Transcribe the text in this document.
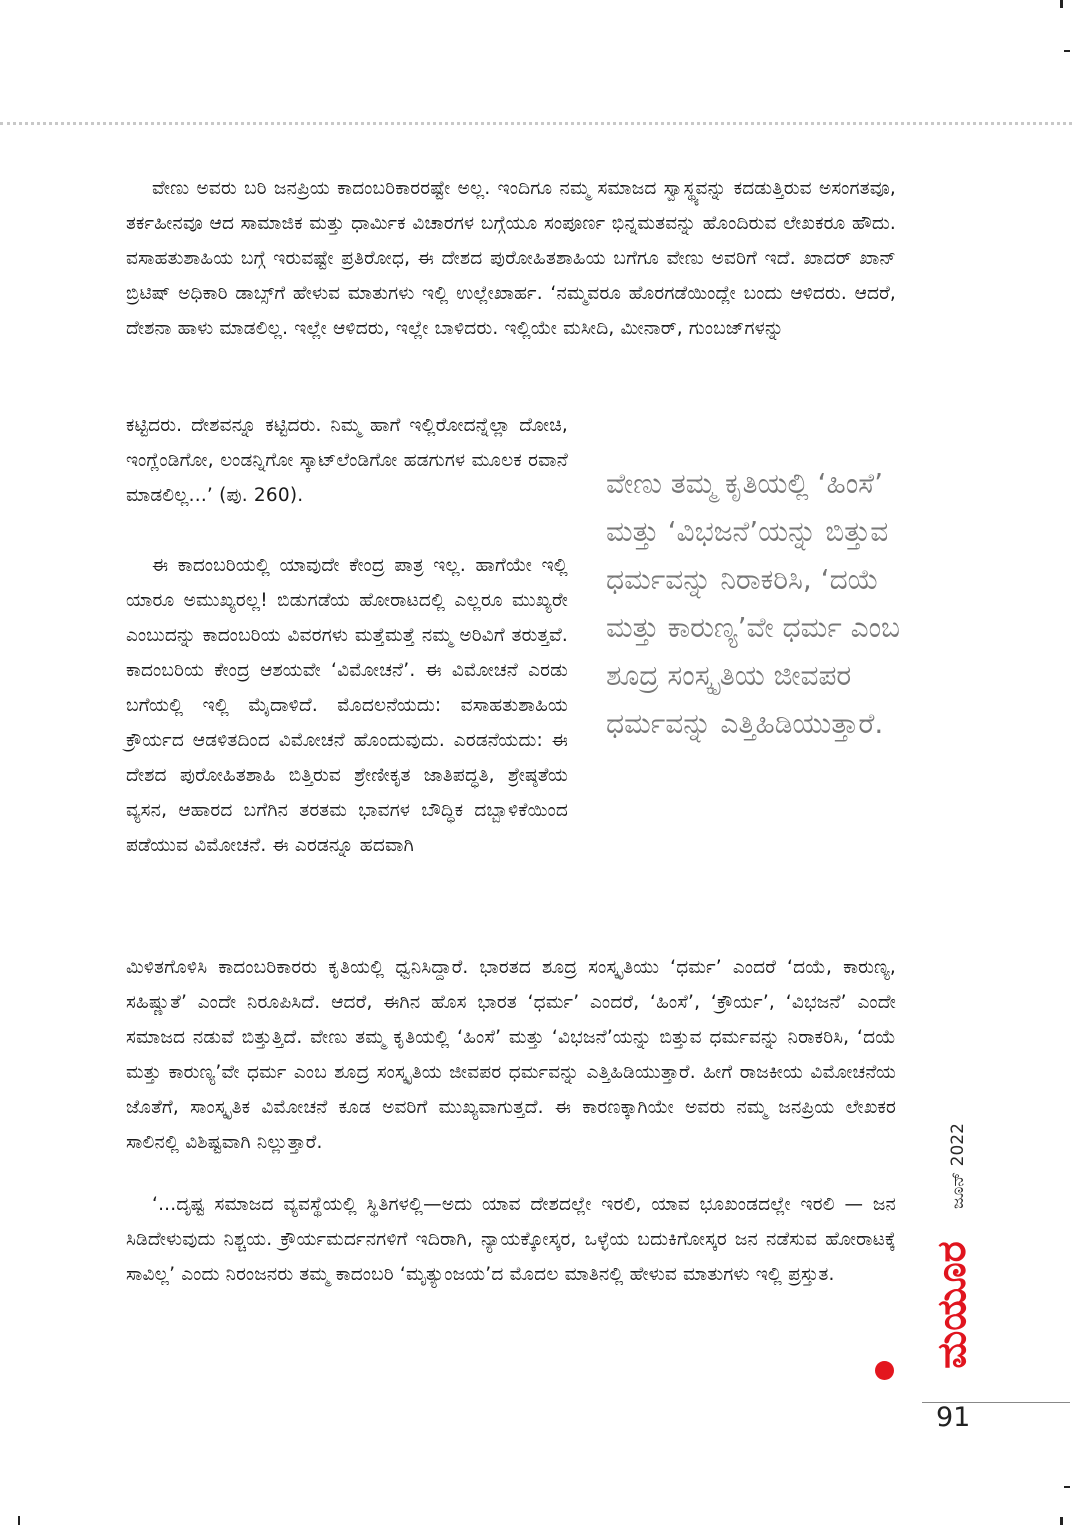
ವೇಣು ಅವರು ಬರಿ ಜನಪ್ರಿಯ ಕಾದಂಬರಿಕಾರರಷ್ಟೇ ಅಲ್ಲ. ಇಂದಿಗೂ ನಮ್ಮ ಸಮಾಜದ ಸ್ವಾಸ್ಥ್ಯವನ್ನು ಕದಡುತ್ತಿರುವ ಅಸಂಗತವೂ, ತರ್ಕಹೀನವೂ ಆದ ಸಾಮಾಜಿಕ ಮತ್ತು ಧಾರ್ಮಿಕ ವಿಚಾರಗಳ ಬಗ್ಗೆಯೂ ಸಂಪೂರ್ಣ ಭಿನ್ನಮತವನ್ನು ಹೊಂದಿರುವ ಲೇಖಕರೂ ಹೌದು. ವಸಾಹತುಶಾಹಿಯ ಬಗ್ಗೆ ಇರುವಷ್ಟೇ ಪ್ರತಿರೋಧ, ಈ ದೇಶದ ಪುರೋಹಿತಶಾಹಿಯ ಬಗೆಗೂ ವೇಣು ಅವರಿಗೆ ಇದೆ. ಖಾದರ್ ಖಾನ್ ಬ್ರಿಟಿಷ್ ಅಧಿಕಾರಿ ಡಾಬ್ಸ್‌ಗೆ ಹೇಳುವ ಮಾತುಗಳು ಇಲ್ಲಿ ಉಲ್ಲೇಖಾರ್ಹ. ‘ನಮ್ಮವರೂ ಹೊರಗಡೆಯಿಂದ್ಲೇ ಬಂದು ಆಳಿದರು. ಆದರೆ, ದೇಶನಾ ಹಾಳು ಮಾಡಲಿಲ್ಲ. ಇಲ್ಲೇ ಆಳಿದರು, ಇಲ್ಲೇ ಬಾಳಿದರು. ಇಲ್ಲಿಯೇ ಮಸೀದಿ, ಮೀನಾರ್, ಗುಂಬಜ್‌ಗಳನ್ನು

ಕಟ್ಟಿದರು. ದೇಶವನ್ನೂ ಕಟ್ಟಿದರು. ನಿಮ್ಮ ಹಾಗೆ ಇಲ್ಲಿರೋದನ್ನೆಲ್ಲಾ ದೋಚಿ, ಇಂಗ್ಲೆಂಡಿಗೋ, ಲಂಡನ್ನಿಗೋ ಸ್ಕಾಟ್‌ಲೆಂಡಿಗೋ ಹಡಗುಗಳ ಮೂಲಕ ರವಾನೆ ಮಾಡಲಿಲ್ಲ...’ (ಪು. 260).

ಈ ಕಾದಂಬರಿಯಲ್ಲಿ ಯಾವುದೇ ಕೇಂದ್ರ ಪಾತ್ರ ಇಲ್ಲ. ಹಾಗೆಯೇ ಇಲ್ಲಿ ಯಾರೂ ಅಮುಖ್ಯರಲ್ಲ! ಬಿಡುಗಡೆಯ ಹೋರಾಟದಲ್ಲಿ ಎಲ್ಲರೂ ಮುಖ್ಯರೇ ಎಂಬುದನ್ನು ಕಾದಂಬರಿಯ ವಿವರಗಳು ಮತ್ತೆಮತ್ತೆ ನಮ್ಮ ಅರಿವಿಗೆ ತರುತ್ತವೆ. ಕಾದಂಬರಿಯ ಕೇಂದ್ರ ಆಶಯವೇ ‘ವಿಮೋಚನೆ’. ಈ ವಿಮೋಚನೆ ಎರಡು ಬಗೆಯಲ್ಲಿ ಇಲ್ಲಿ ಮೈದಾಳಿದೆ. ಮೊದಲನೆಯದು: ವಸಾಹತುಶಾಹಿಯ ಕ್ರೌರ್ಯದ ಆಡಳಿತದಿಂದ ವಿಮೋಚನೆ ಹೊಂದುವುದು. ಎರಡನೆಯದು: ಈ ದೇಶದ ಪುರೋಹಿತಶಾಹಿ ಬಿತ್ತಿರುವ ಶ್ರೇಣೀಕೃತ ಜಾತಿಪದ್ಧತಿ, ಶ್ರೇಷ್ಠತೆಯ ವ್ಯಸನ, ಆಹಾರದ ಬಗೆಗಿನ ತರತಮ ಭಾವಗಳ ಬೌದ್ಧಿಕ ದಬ್ಬಾಳಿಕೆಯಿಂದ ಪಡೆಯುವ ವಿಮೋಚನೆ. ಈ ಎರಡನ್ನೂ ಹದವಾಗಿ

ಮಿಳಿತಗೊಳಿಸಿ ಕಾದಂಬರಿಕಾರರು ಕೃತಿಯಲ್ಲಿ ಧ್ವನಿಸಿದ್ದಾರೆ. ಭಾರತದ ಶೂದ್ರ ಸಂಸ್ಕೃತಿಯು ‘ಧರ್ಮ’ ಎಂದರೆ ‘ದಯೆ, ಕಾರುಣ್ಯ, ಸಹಿಷ್ಣುತೆ’ ಎಂದೇ ನಿರೂಪಿಸಿದೆ. ಆದರೆ, ಈಗಿನ ಹೊಸ ಭಾರತ ‘ಧರ್ಮ’ ಎಂದರೆ, ‘ಹಿಂಸೆ’, ‘ಕ್ರೌರ್ಯ’, ‘ವಿಭಜನೆ’ ಎಂದೇ ಸಮಾಜದ ನಡುವೆ ಬಿತ್ತುತ್ತಿದೆ. ವೇಣು ತಮ್ಮ ಕೃತಿಯಲ್ಲಿ ‘ಹಿಂಸೆ’ ಮತ್ತು ‘ವಿಭಜನೆ’ಯನ್ನು ಬಿತ್ತುವ ಧರ್ಮವನ್ನು ನಿರಾಕರಿಸಿ, ‘ದಯೆ ಮತ್ತು ಕಾರುಣ್ಯ’ವೇ ಧರ್ಮ ಎಂಬ ಶೂದ್ರ ಸಂಸ್ಕೃತಿಯ ಜೀವಪರ ಧರ್ಮವನ್ನು ಎತ್ತಿಹಿಡಿಯುತ್ತಾರೆ. ಹೀಗೆ ರಾಜಕೀಯ ವಿಮೋಚನೆಯ ಜೊತೆಗೆ, ಸಾಂಸ್ಕೃತಿಕ ವಿಮೋಚನೆ ಕೂಡ ಅವರಿಗೆ ಮುಖ್ಯವಾಗುತ್ತದೆ. ಈ ಕಾರಣಕ್ಕಾಗಿಯೇ ಅವರು ನಮ್ಮ ಜನಪ್ರಿಯ ಲೇಖಕರ ಸಾಲಿನಲ್ಲಿ ವಿಶಿಷ್ಟವಾಗಿ ನಿಲ್ಲುತ್ತಾರೆ.

‘...ದೃಷ್ಟ ಸಮಾಜದ ವ್ಯವಸ್ಥೆಯಲ್ಲಿ ಸ್ಥಿತಿಗಳಲ್ಲಿ—ಅದು ಯಾವ ದೇಶದಲ್ಲೇ ಇರಲಿ, ಯಾವ ಭೂಖಂಡದಲ್ಲೇ ಇರಲಿ — ಜನ ಸಿಡಿದೇಳುವುದು ನಿಶ್ಚಯ. ಕ್ರೌರ್ಯಮರ್ದನಗಳಿಗೆ ಇದಿರಾಗಿ, ನ್ಯಾಯಕ್ಕೋಸ್ಕರ, ಒಳ್ಳೆಯ ಬದುಕಿಗೋಸ್ಕರ ಜನ ನಡೆಸುವ ಹೋರಾಟಕ್ಕೆ ಸಾವಿಲ್ಲ’ ಎಂದು ನಿರಂಜನರು ತಮ್ಮ ಕಾದಂಬರಿ ‘ಮೃತ್ಯುಂಜಯ’ದ ಮೊದಲ ಮಾತಿನಲ್ಲಿ ಹೇಳುವ ಮಾತುಗಳು ಇಲ್ಲಿ ಪ್ರಸ್ತುತ.

ವೇಣು ತಮ್ಮ ಕೃತಿಯಲ್ಲಿ ‘ಹಿಂಸೆ’ ಮತ್ತು ‘ವಿಭಜನೆ’ಯನ್ನು ಬಿತ್ತುವ ಧರ್ಮವನ್ನು ನಿರಾಕರಿಸಿ, ‘ದಯೆ ಮತ್ತು ಕಾರುಣ್ಯ’ವೇ ಧರ್ಮ ಎಂಬ ಶೂದ್ರ ಸಂಸ್ಕೃತಿಯ ಜೀವಪರ ಧರ್ಮವನ್ನು ಎತ್ತಿಹಿಡಿಯುತ್ತಾರೆ.

ಜೂನ್ 2022
ಮಯೂರ
91
